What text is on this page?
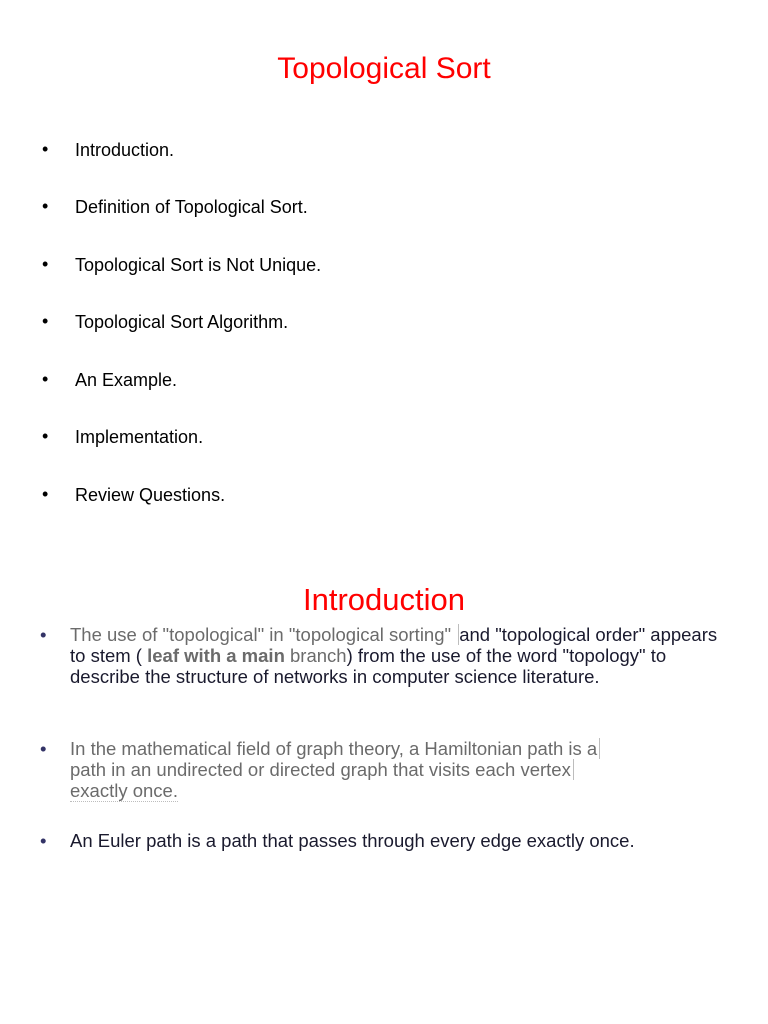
Topological Sort
• Introduction.
• Definition of Topological Sort.
• Topological Sort is Not Unique.
• Topological Sort Algorithm.
• An Example.
• Implementation.
• Review Questions.
Introduction
• The use of "topological" in "topological sorting" and "topological order" appears to stem ( leaf with a main branch) from the use of the word "topology" to describe the structure of networks in computer science literature.
• In the mathematical field of graph theory, a Hamiltonian path is a
path in an undirected or directed graph that visits each vertex
exactly once.
• An Euler path is a path that passes through every edge exactly once.
